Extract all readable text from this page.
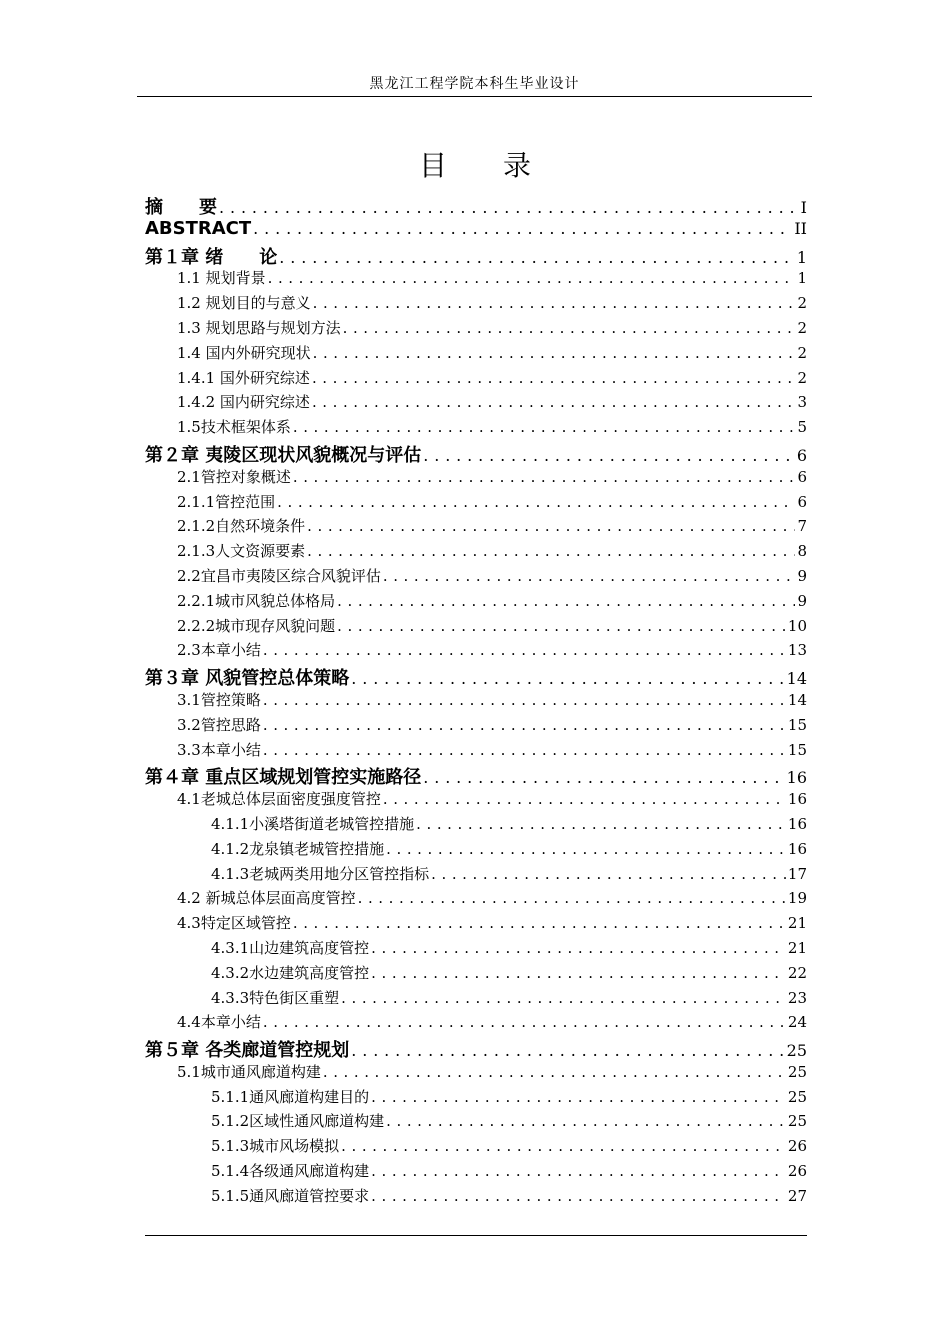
黑龙江工程学院本科生毕业设计
目 录
摘　　要 . . .	I
ABSTRACT . . .	II
第１章 绪　　论 . . .	1
1.1 规划背景 . . .	1
1.2 规划目的与意义 . . .	2
1.3 规划思路与规划方法 . . .	2
1.4 国内外研究现状 . . .	2
1.4.1 国外研究综述 . . .	2
1.4.2 国内研究综述 . . .	3
1.5技术框架体系 . . .	5
第２章 夷陵区现状风貌概况与评估 . . .	6
2.1管控对象概述 . . .	6
2.1.1管控范围 . . .	6
2.1.2自然环境条件 . . .	7
2.1.3人文资源要素 . . .	8
2.2宜昌市夷陵区综合风貌评估 . . .	9
2.2.1城市风貌总体格局 . . .	9
2.2.2城市现存风貌问题 . . .	10
2.3本章小结 . . .	13
第３章 风貌管控总体策略 . . .	14
3.1管控策略 . . .	14
3.2管控思路 . . .	15
3.3本章小结 . . .	15
第４章 重点区域规划管控实施路径 . . .	16
4.1老城总体层面密度强度管控 . . .	16
4.1.1小溪塔街道老城管控措施 . . .	16
4.1.2龙泉镇老城管控措施 . . .	16
4.1.3老城两类用地分区管控指标 . . .	17
4.2 新城总体层面高度管控 . . .	19
4.3特定区域管控 . . .	21
4.3.1山边建筑高度管控 . . .	21
4.3.2水边建筑高度管控 . . .	22
4.3.3特色街区重塑 . . .	23
4.4本章小结 . . .	24
第５章 各类廊道管控规划 . . .	25
5.1城市通风廊道构建 . . .	25
5.1.1通风廊道构建目的 . . .	25
5.1.2区域性通风廊道构建 . . .	25
5.1.3城市风场模拟 . . .	26
5.1.4各级通风廊道构建 . . .	26
5.1.5通风廊道管控要求 . . .	27
